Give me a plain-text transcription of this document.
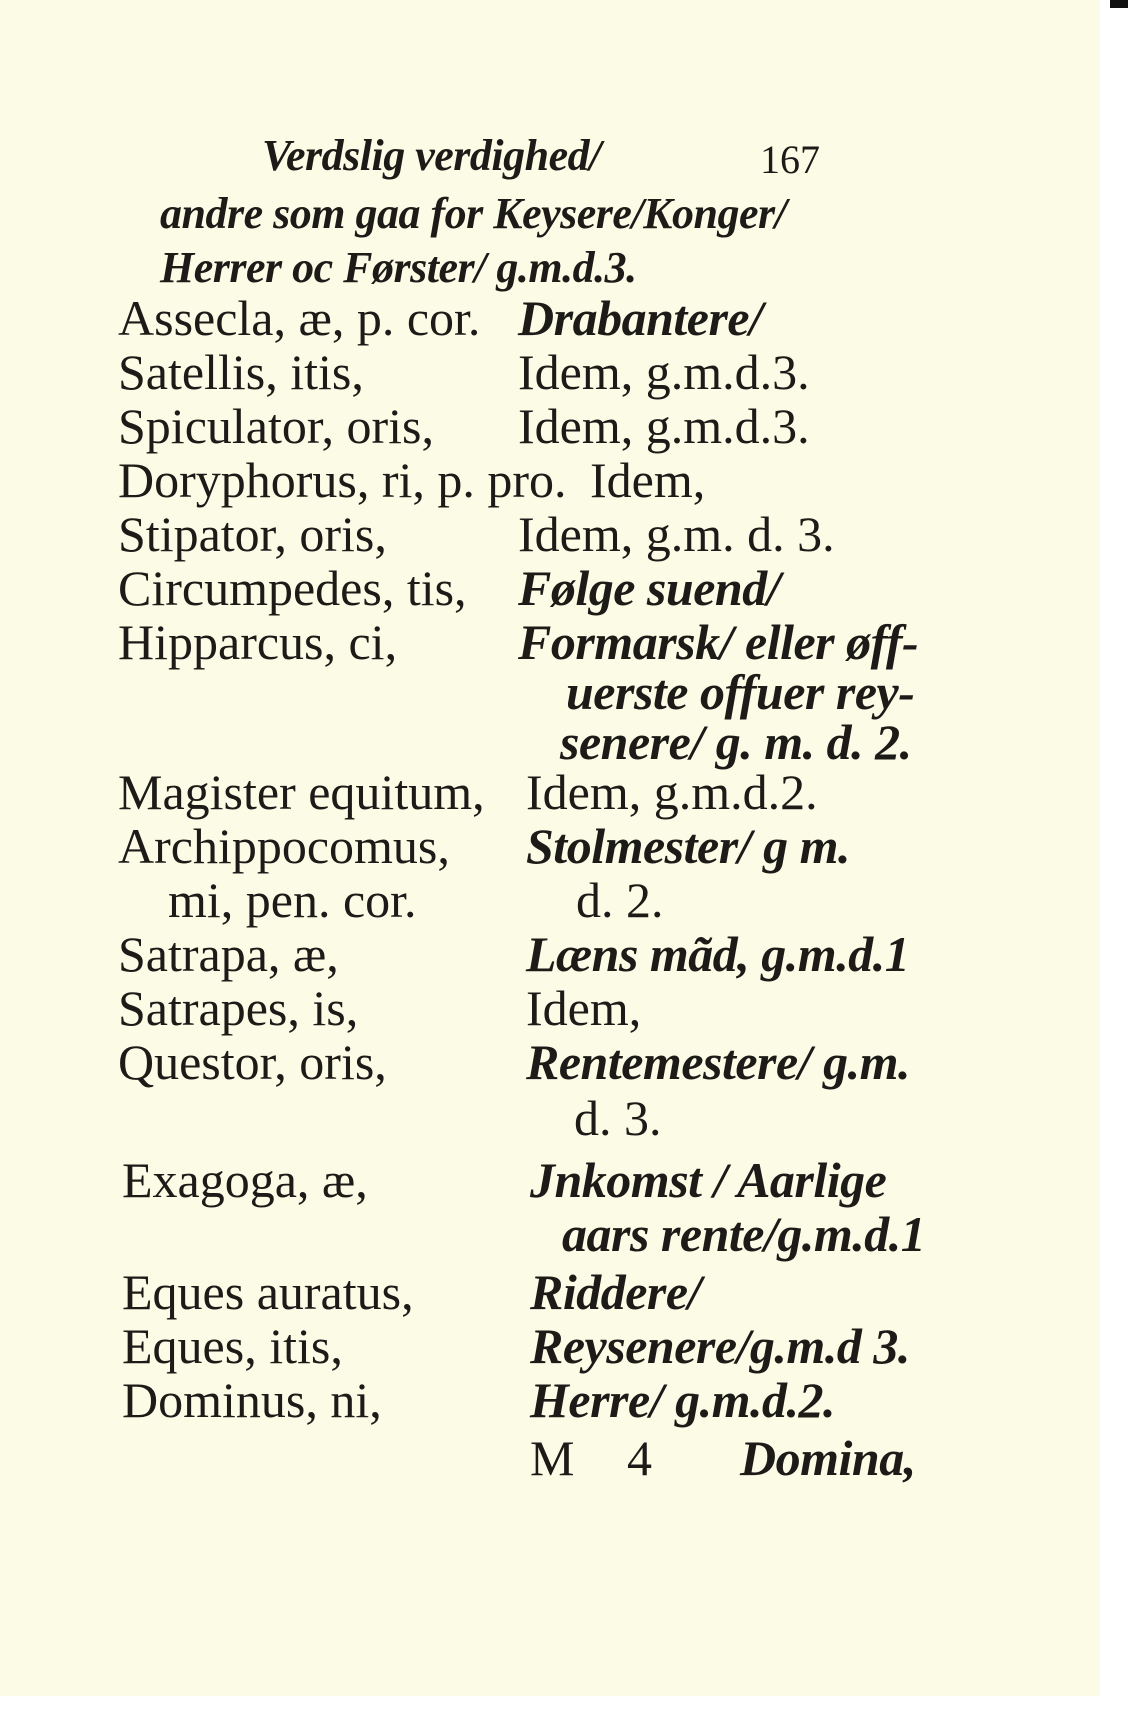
Verdslig verdighed/	167
andre som gaa for Keysere/Konger/
Herrer oc Førster/ g.m.d.3.
Assecla, æ, p. cor.
Satellis, itis,
Spiculator, oris,
Doryphorus, ri, p. pro.
Stipator, oris,
Circumpedes, tis,
Hipparcus, ci,
Magister equitum,
Archippocomus,
mi, pen. cor.
Satrapa, æ,
Satrapes, is,
Questor, oris,
Exagoga, æ,
Eques auratus,
Eques, itis,
Dominus, ni,
Drabantere/
Idem, g.m.d.3.
Idem, g.m.d.3.
Idem,
Idem, g.m. d. 3.
Følge suend/
Formarsk/ eller øff-
uerste offuer rey-
senere/ g. m. d. 2.
Idem, g.m.d.2.
Stolmester/ g m.
d. 2.
Læns mãd, g.m.d.1
Idem,
Rentemestere/ g.m.
d. 3.
Jnkomst / Aarlige
aars rente/g.m.d.1
Riddere/
Reysenere/g.m.d 3.
Herre/ g.m.d.2.
M 4 Domina,
